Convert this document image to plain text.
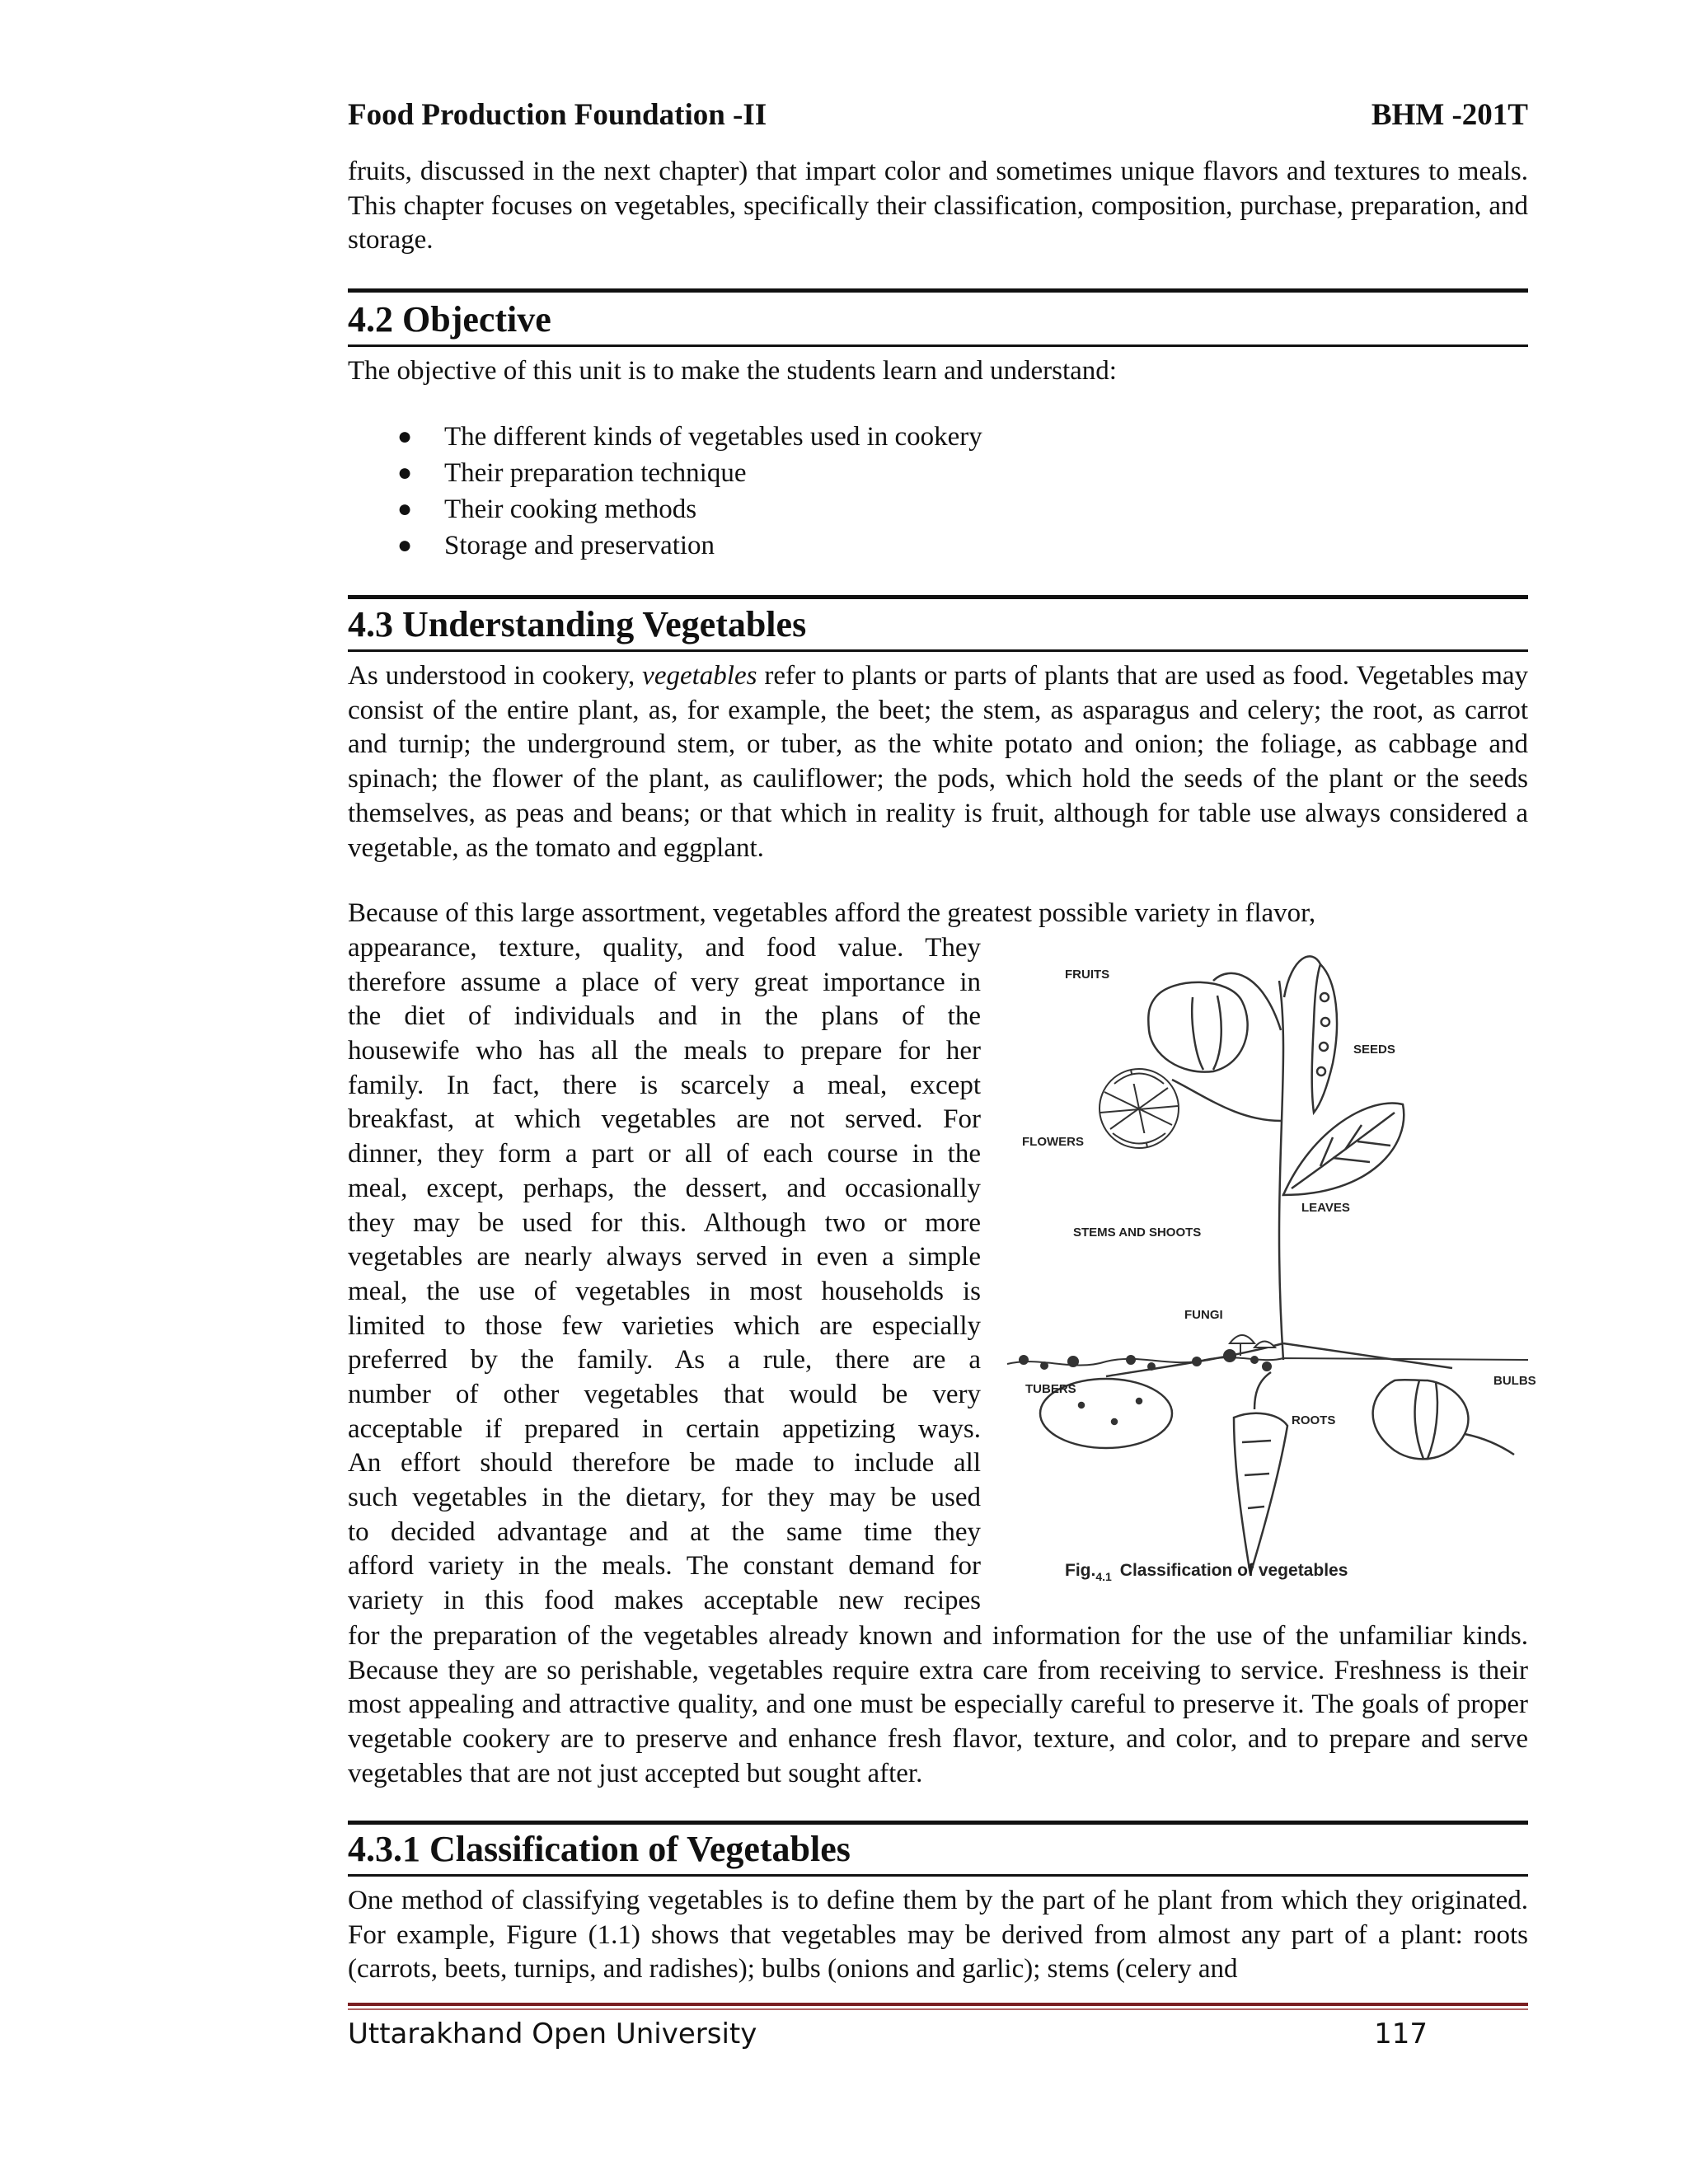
Food Production Foundation -II	BHM -201T

fruits, discussed in the next chapter) that impart color and sometimes unique flavors and textures to meals. This chapter focuses on vegetables, specifically their classification, composition, purchase, preparation, and storage.

4.2 Objective

The objective of this unit is to make the students learn and understand:

● The different kinds of vegetables used in cookery
● Their preparation technique
● Their cooking methods
● Storage and preservation
4.3 Understanding Vegetables

As understood in cookery, vegetables refer to plants or parts of plants that are used as food. Vegetables may consist of the entire plant, as, for example, the beet; the stem, as asparagus and celery; the root, as carrot and turnip; the underground stem, or tuber, as the white potato and onion; the foliage, as cabbage and spinach; the flower of the plant, as cauliflower; the pods, which hold the seeds of the plant or the seeds themselves, as peas and beans; or that which in reality is fruit, although for table use always considered a vegetable, as the tomato and eggplant.

Because of this large assortment, vegetables afford the greatest possible variety in flavor,

appearance, texture, quality, and food value. They
therefore assume a place of very great importance in
the diet of individuals and in the plans of the
housewife who has all the meals to prepare for her
family. In fact, there is scarcely a meal, except
breakfast, at which vegetables are not served. For
dinner, they form a part or all of each course in the
meal, except, perhaps, the dessert, and occasionally
they may be used for this. Although two or more
vegetables are nearly always served in even a simple
meal, the use of vegetables in most households is
limited to those few varieties which are especially
preferred by the family. As a rule, there are a
number of other vegetables that would be very
acceptable if prepared in certain appetizing ways.
An effort should therefore be made to include all
such vegetables in the dietary, for they may be used
to decided advantage and at the same time they
afford variety in the meals. The constant demand for
variety in this food makes acceptable new recipes
FRUITS
SEEDS
FLOWERS
LEAVES
STEMS AND SHOOTS
FUNGI
TUBERS
BULBS
ROOTS
$Fig._{4.1}$ Classification of vegetables

for the preparation of the vegetables already known and information for the use of the unfamiliar kinds. Because they are so perishable, vegetables require extra care from receiving to service. Freshness is their most appealing and attractive quality, and one must be especially careful to preserve it. The goals of proper vegetable cookery are to preserve and enhance fresh flavor, texture, and color, and to prepare and serve vegetables that are not just accepted but sought after.

4.3.1 Classification of Vegetables

One method of classifying vegetables is to define them by the part of he plant from which they originated. For example, Figure (1.1) shows that vegetables may be derived from almost any part of a plant: roots (carrots, beets, turnips, and radishes); bulbs (onions and garlic); stems (celery and

Uttarakhand Open University	117
